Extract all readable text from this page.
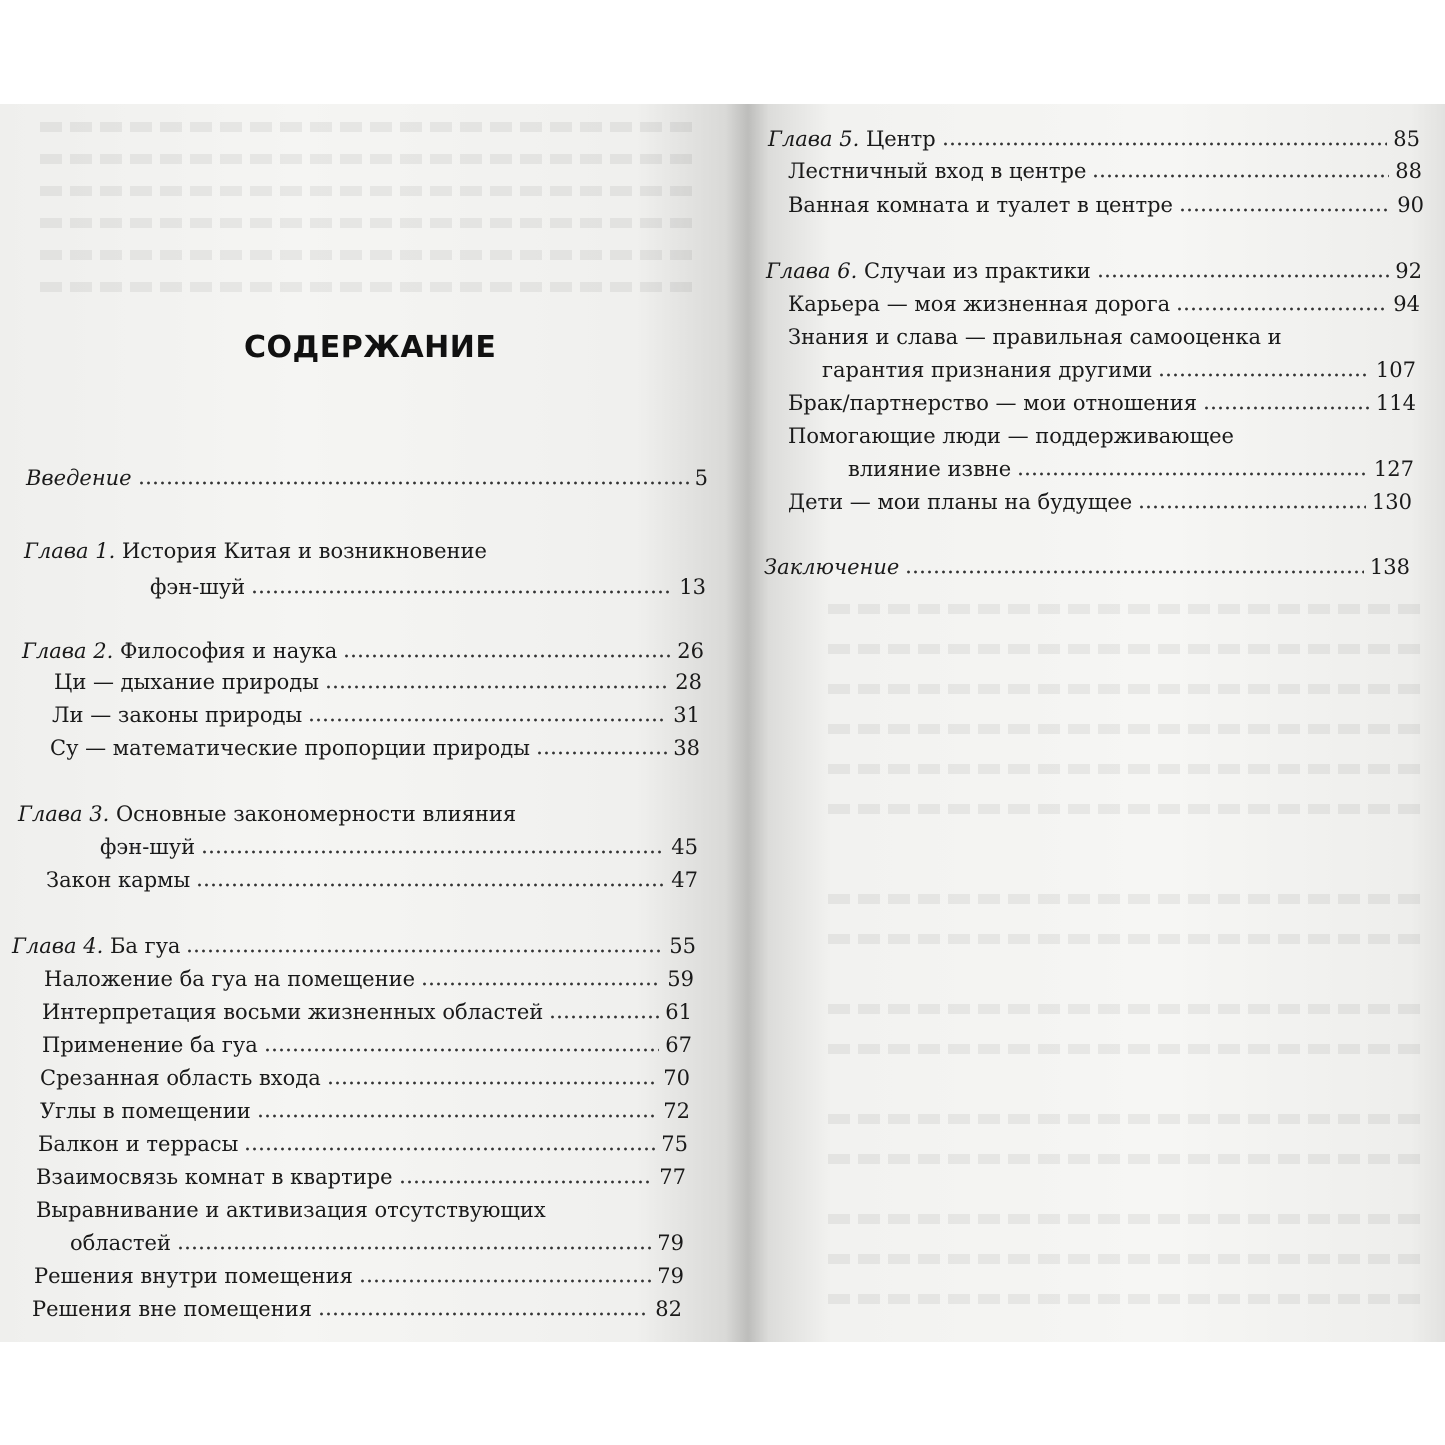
СОДЕРЖАНИЕ
Введение	5
Глава 1. История Китая и возникновение
фэн-шуй	13
Глава 2. Философия и наука	26
Ци — дыхание природы	28
Ли — законы природы	31
Су — математические пропорции природы	38
Глава 3. Основные закономерности влияния
фэн-шуй	45
Закон кармы	47
Глава 4. Ба гуа	55
Наложение ба гуа на помещение	59
Интерпретация восьми жизненных областей	61
Применение ба гуа	67
Срезанная область входа	70
Углы в помещении	72
Балкон и террасы	75
Взаимосвязь комнат в квартире	77
Выравнивание и активизация отсутствующих
областей	79
Решения внутри помещения	79
Решения вне помещения	82
Глава 5. Центр	85
Лестничный вход в центре	88
Ванная комната и туалет в центре	90
Глава 6. Случаи из практики	92
Карьера — моя жизненная дорога	94
Знания и слава — правильная самооценка и
гарантия признания другими	107
Брак/партнерство — мои отношения	114
Помогающие люди — поддерживающее
влияние извне	127
Дети — мои планы на будущее	130
Заключение	138
